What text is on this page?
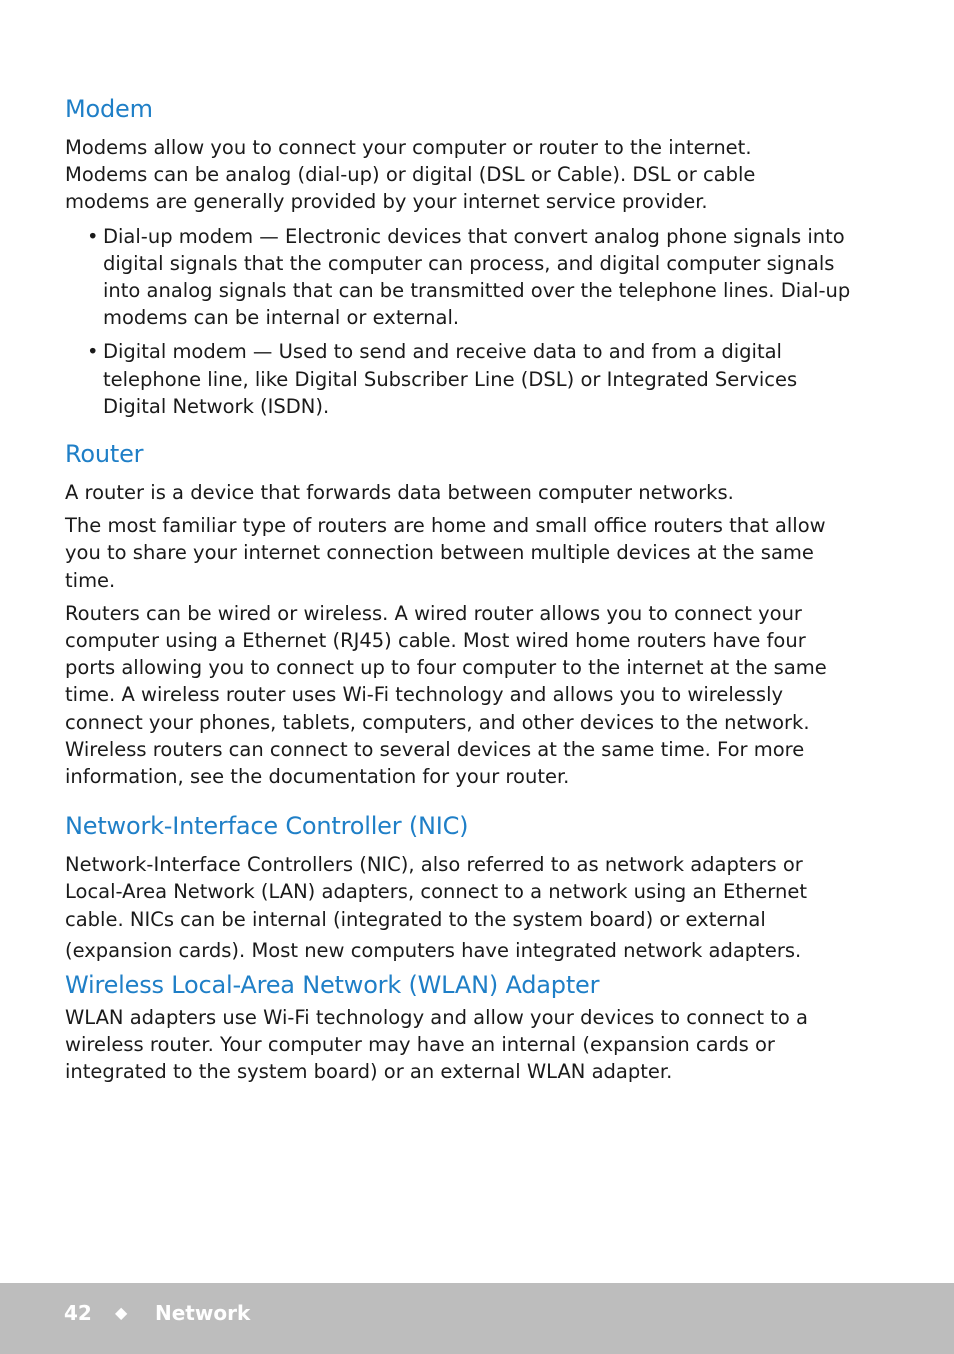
Modem

Modems allow you to connect your computer or router to the internet. Modems can be analog (dial-up) or digital (DSL or Cable). DSL or cable modems are generally provided by your internet service provider.

• Dial-up modem — Electronic devices that convert analog phone signals into digital signals that the computer can process, and digital computer signals into analog signals that can be transmitted over the telephone lines. Dial-up modems can be internal or external.
• Digital modem — Used to send and receive data to and from a digital telephone line, like Digital Subscriber Line (DSL) or Integrated Services Digital Network (ISDN).
Router

A router is a device that forwards data between computer networks.

The most familiar type of routers are home and small office routers that allow you to share your internet connection between multiple devices at the same time.

Routers can be wired or wireless. A wired router allows you to connect your computer using a Ethernet (RJ45) cable. Most wired home routers have four ports allowing you to connect up to four computer to the internet at the same time. A wireless router uses Wi-Fi technology and allows you to wirelessly connect your phones, tablets, computers, and other devices to the network. Wireless routers can connect to several devices at the same time. For more information, see the documentation for your router.

Network-Interface Controller (NIC)

Network-Interface Controllers (NIC), also referred to as network adapters or Local-Area Network (LAN) adapters, connect to a network using an Ethernet cable. NICs can be internal (integrated to the system board) or external

(expansion cards). Most new computers have integrated network adapters.

Wireless Local-Area Network (WLAN) Adapter

WLAN adapters use Wi-Fi technology and allow your devices to connect to a wireless router. Your computer may have an internal (expansion cards or integrated to the system board) or an external WLAN adapter.

42 ◆ Network
